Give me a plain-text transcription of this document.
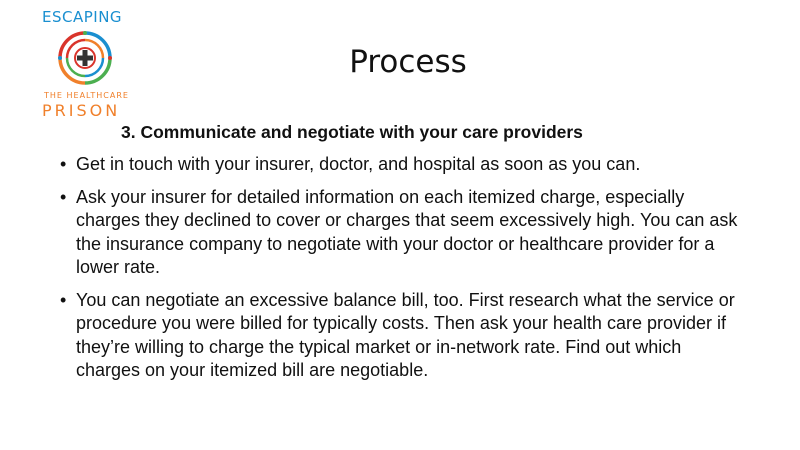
ESCAPING
THE HEALTHCARE
PRISON
Process
3. Communicate and negotiate with your care providers
• Get in touch with your insurer, doctor, and hospital as soon as you can.
• Ask your insurer for detailed information on each itemized charge, especially charges they declined to cover or charges that seem excessively high. You can ask the insurance company to negotiate with your doctor or healthcare provider for a lower rate.
• You can negotiate an excessive balance bill, too. First research what the service or procedure you were billed for typically costs. Then ask your health care provider if they’re willing to charge the typical market or in-network rate. Find out which charges on your itemized bill are negotiable.
